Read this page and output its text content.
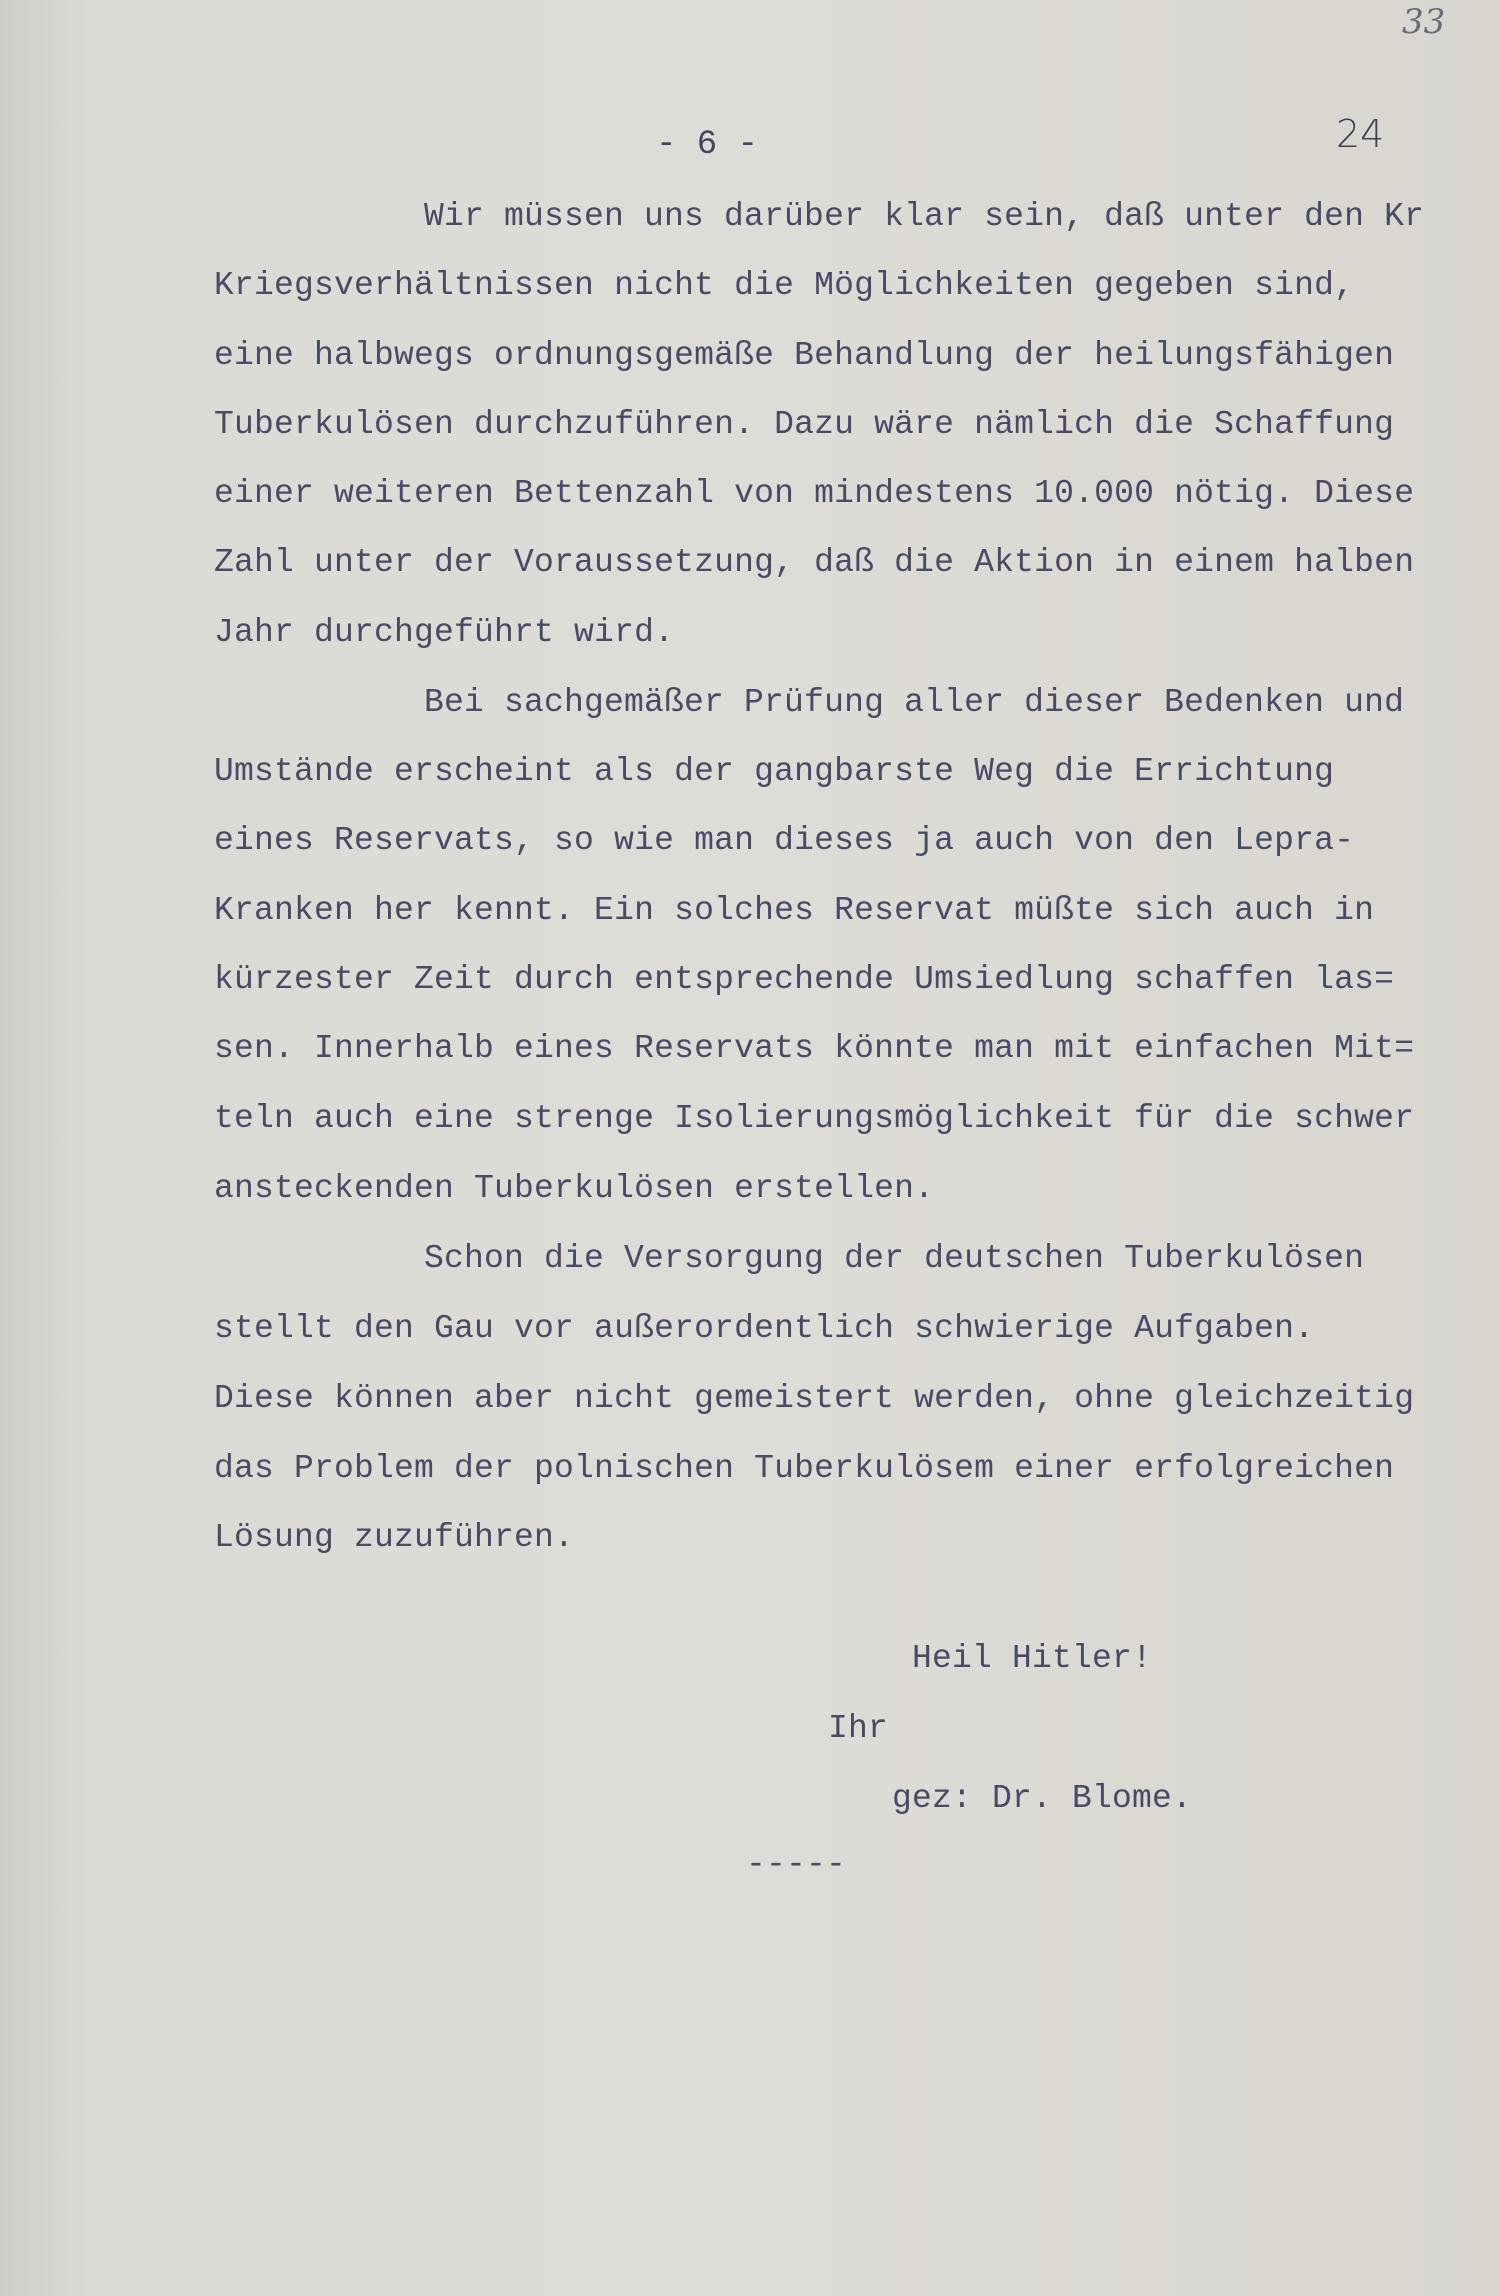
33
- 6 -	24
Wir müssen uns darüber klar sein, daß unter den Kr
Kriegsverhältnissen nicht die Möglichkeiten gegeben sind,
eine halbwegs ordnungsgemäße Behandlung der heilungsfähigen
Tuberkulösen durchzuführen. Dazu wäre nämlich die Schaffung
einer weiteren Bettenzahl von mindestens 10.000 nötig. Diese
Zahl unter der Voraussetzung, daß die Aktion in einem halben
Jahr durchgeführt wird.
Bei sachgemäßer Prüfung aller dieser Bedenken und
Umstände erscheint als der gangbarste Weg die Errichtung
eines Reservats, so wie man dieses ja auch von den Lepra-
Kranken her kennt. Ein solches Reservat müßte sich auch in
kürzester Zeit durch entsprechende Umsiedlung schaffen las=
sen. Innerhalb eines Reservats könnte man mit einfachen Mit=
teln auch eine strenge Isolierungsmöglichkeit für die schwer
ansteckenden Tuberkulösen erstellen.
Schon die Versorgung der deutschen Tuberkulösen
stellt den Gau vor außerordentlich schwierige Aufgaben.
Diese können aber nicht gemeistert werden, ohne gleichzeitig
das Problem der polnischen Tuberkulösem einer erfolgreichen
Lösung zuzuführen.
Heil Hitler!
Ihr
gez: Dr. Blome.
-----
